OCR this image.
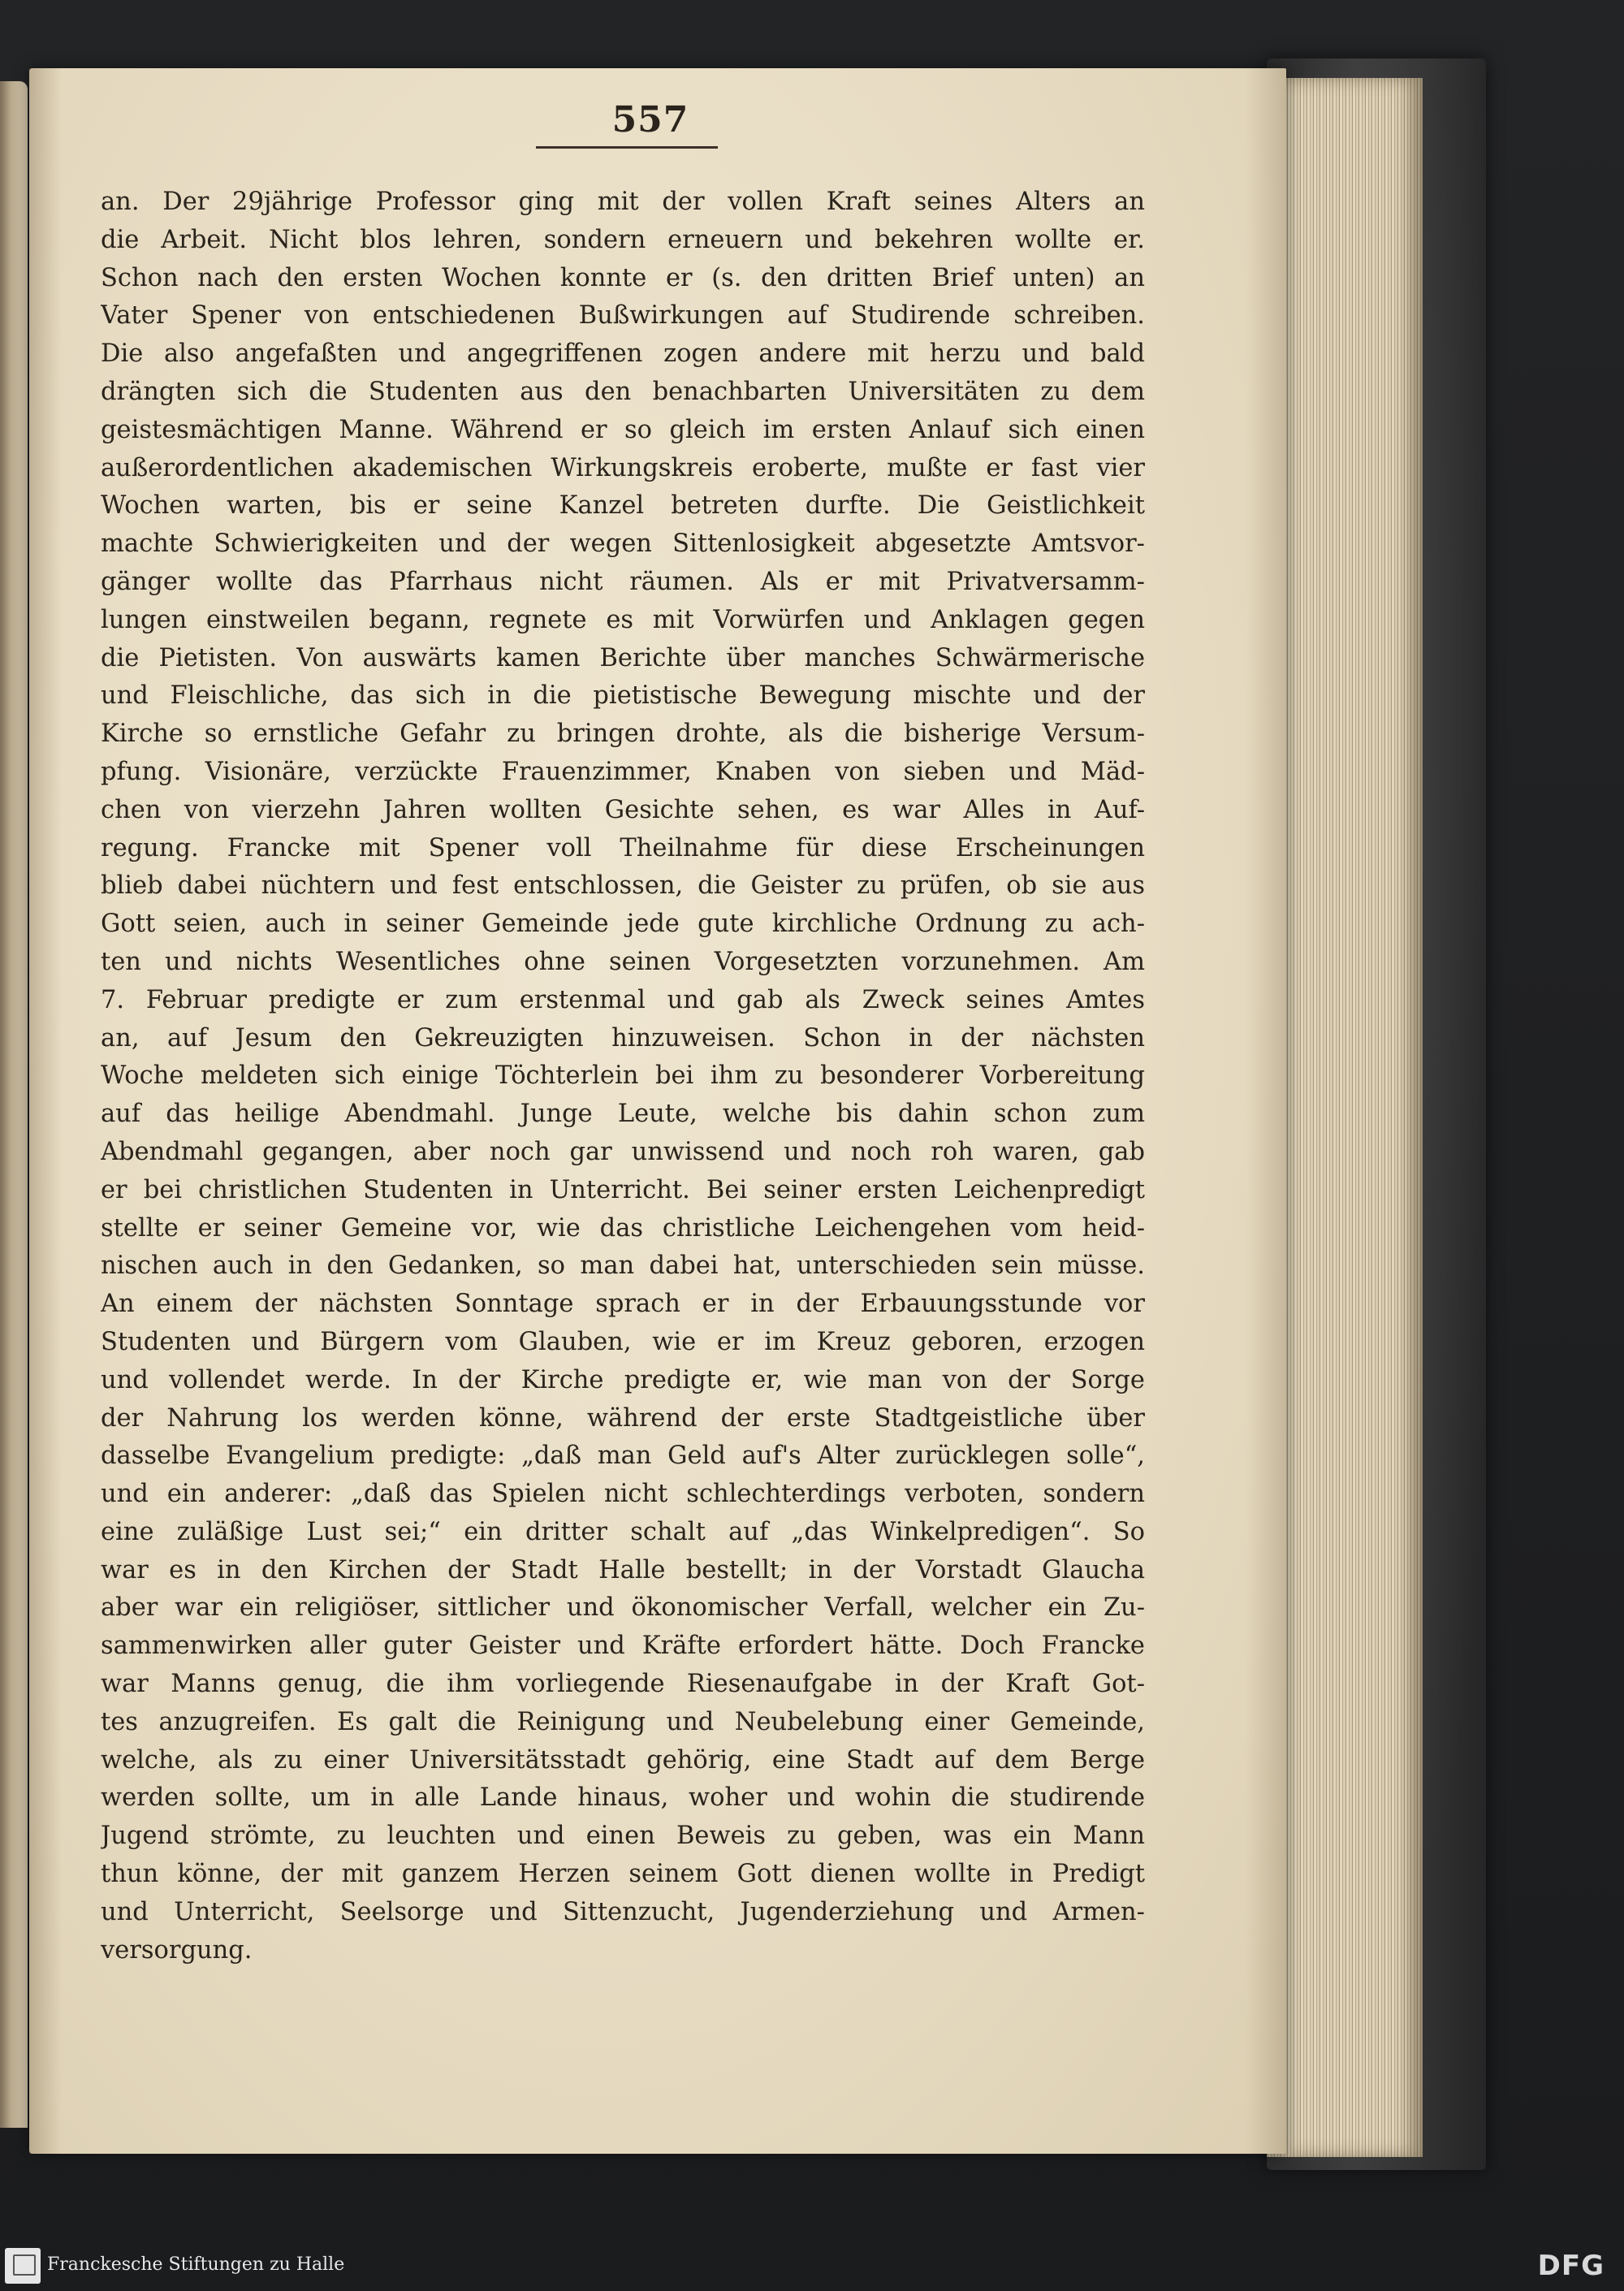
557
an. Der 29jährige Professor ging mit der vollen Kraft seines Alters an
die Arbeit. Nicht blos lehren, sondern erneuern und bekehren wollte er.
Schon nach den ersten Wochen konnte er (s. den dritten Brief unten) an
Vater Spener von entschiedenen Bußwirkungen auf Studirende schreiben.
Die also angefaßten und angegriffenen zogen andere mit herzu und bald
drängten sich die Studenten aus den benachbarten Universitäten zu dem
geistesmächtigen Manne. Während er so gleich im ersten Anlauf sich einen
außerordentlichen akademischen Wirkungskreis eroberte, mußte er fast vier
Wochen warten, bis er seine Kanzel betreten durfte. Die Geistlichkeit
machte Schwierigkeiten und der wegen Sittenlosigkeit abgesetzte Amtsvor-
gänger wollte das Pfarrhaus nicht räumen. Als er mit Privatversamm-
lungen einstweilen begann, regnete es mit Vorwürfen und Anklagen gegen
die Pietisten. Von auswärts kamen Berichte über manches Schwärmerische
und Fleischliche, das sich in die pietistische Bewegung mischte und der
Kirche so ernstliche Gefahr zu bringen drohte, als die bisherige Versum-
pfung. Visionäre, verzückte Frauenzimmer, Knaben von sieben und Mäd-
chen von vierzehn Jahren wollten Gesichte sehen, es war Alles in Auf-
regung. Francke mit Spener voll Theilnahme für diese Erscheinungen
blieb dabei nüchtern und fest entschlossen, die Geister zu prüfen, ob sie aus
Gott seien, auch in seiner Gemeinde jede gute kirchliche Ordnung zu ach-
ten und nichts Wesentliches ohne seinen Vorgesetzten vorzunehmen. Am
7. Februar predigte er zum erstenmal und gab als Zweck seines Amtes
an, auf Jesum den Gekreuzigten hinzuweisen. Schon in der nächsten
Woche meldeten sich einige Töchterlein bei ihm zu besonderer Vorbereitung
auf das heilige Abendmahl. Junge Leute, welche bis dahin schon zum
Abendmahl gegangen, aber noch gar unwissend und noch roh waren, gab
er bei christlichen Studenten in Unterricht. Bei seiner ersten Leichenpredigt
stellte er seiner Gemeine vor, wie das christliche Leichengehen vom heid-
nischen auch in den Gedanken, so man dabei hat, unterschieden sein müsse.
An einem der nächsten Sonntage sprach er in der Erbauungsstunde vor
Studenten und Bürgern vom Glauben, wie er im Kreuz geboren, erzogen
und vollendet werde. In der Kirche predigte er, wie man von der Sorge
der Nahrung los werden könne, während der erste Stadtgeistliche über
dasselbe Evangelium predigte: „daß man Geld auf's Alter zurücklegen solle“,
und ein anderer: „daß das Spielen nicht schlechterdings verboten, sondern
eine zuläßige Lust sei;“ ein dritter schalt auf „das Winkelpredigen“. So
war es in den Kirchen der Stadt Halle bestellt; in der Vorstadt Glaucha
aber war ein religiöser, sittlicher und ökonomischer Verfall, welcher ein Zu-
sammenwirken aller guter Geister und Kräfte erfordert hätte. Doch Francke
war Manns genug, die ihm vorliegende Riesenaufgabe in der Kraft Got-
tes anzugreifen. Es galt die Reinigung und Neubelebung einer Gemeinde,
welche, als zu einer Universitätsstadt gehörig, eine Stadt auf dem Berge
werden sollte, um in alle Lande hinaus, woher und wohin die studirende
Jugend strömte, zu leuchten und einen Beweis zu geben, was ein Mann
thun könne, der mit ganzem Herzen seinem Gott dienen wollte in Predigt
und Unterricht, Seelsorge und Sittenzucht, Jugenderziehung und Armen-
versorgung.
Franckesche Stiftungen zu Halle	DFG
